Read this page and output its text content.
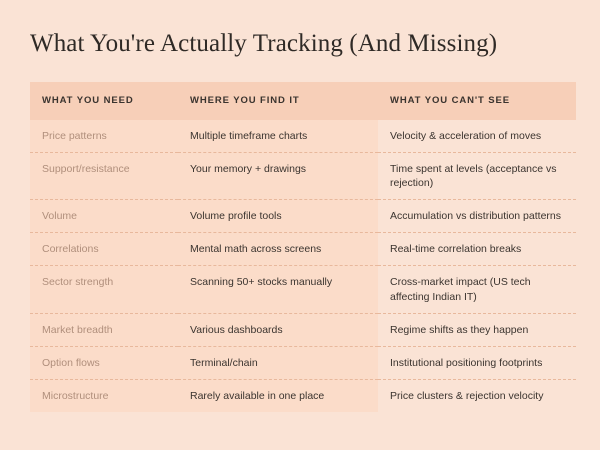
What You're Actually Tracking (And Missing)
WHAT YOU NEED	WHERE YOU FIND IT	WHAT YOU CAN'T SEE
Price patterns	Multiple timeframe charts	Velocity & acceleration of moves
Support/resistance	Your memory + drawings	Time spent at levels (acceptance vs rejection)
Volume	Volume profile tools	Accumulation vs distribution patterns
Correlations	Mental math across screens	Real-time correlation breaks
Sector strength	Scanning 50+ stocks manually	Cross-market impact (US tech affecting Indian IT)
Market breadth	Various dashboards	Regime shifts as they happen
Option flows	Terminal/chain	Institutional positioning footprints
Microstructure	Rarely available in one place	Price clusters & rejection velocity
